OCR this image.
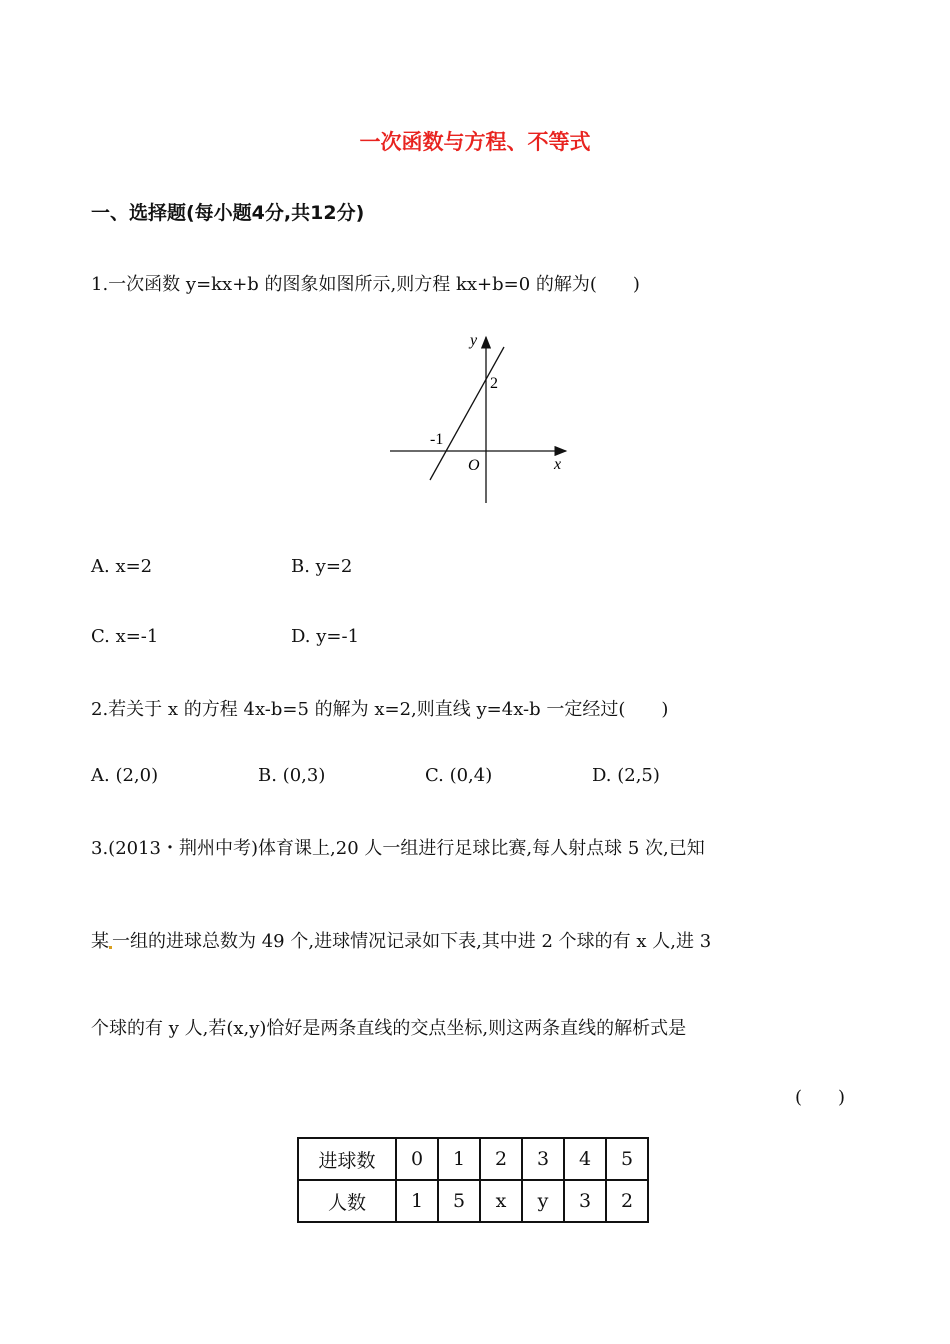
一次函数与方程、不等式
一、选择题(每小题4分,共12分)
1.一次函数 y=kx+b 的图象如图所示,则方程 kx+b=0 的解为(　　)
y
x
O
2
-1
A. x=2	B. y=2
C. x=-1	D. y=-1
2.若关于 x 的方程 4x-b=5 的解为 x=2,则直线 y=4x-b 一定经过(　　)
A. (2,0)	B. (0,3)	C. (0,4)	D. (2,5)
3.(2013・荆州中考)体育课上,20 人一组进行足球比赛,每人射点球 5 次,已知
某 一组的进球总数为 49 个,进球情况记录如下表,其中进 2 个球的有 x 人,进 3
个球的有 y 人,若(x,y)恰好是两条直线的交点坐标,则这两条直线的解析式是
(　　)
进球数	0	1	2	3	4	5
人数	1	5	x	y	3	2
